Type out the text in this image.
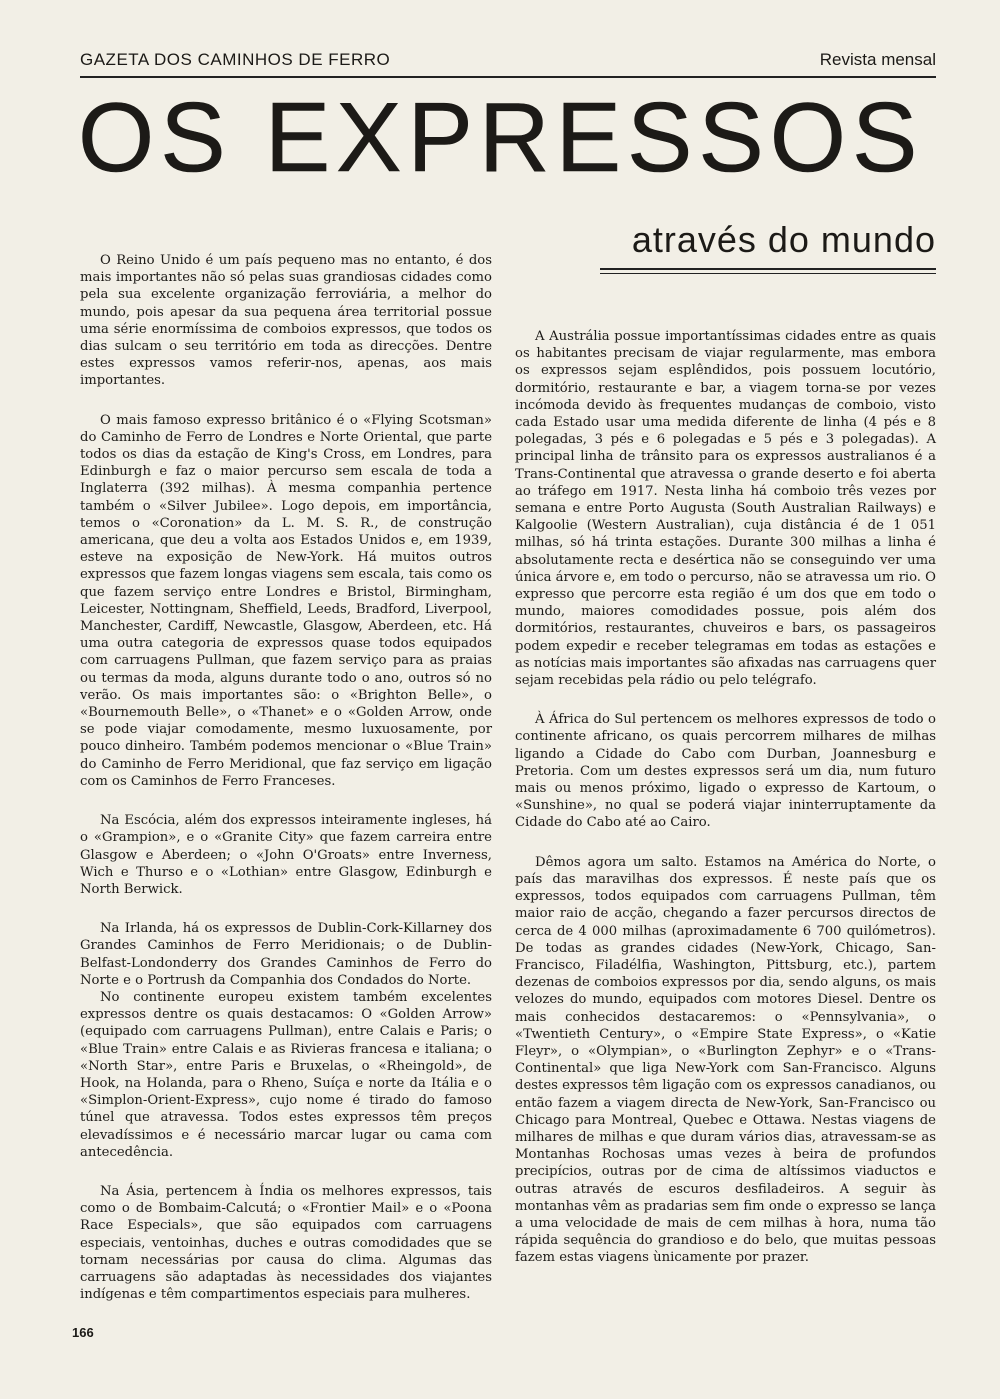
GAZETA DOS CAMINHOS DE FERRO	Revista mensal
OS EXPRESSOS
através do mundo

O Reino Unido é um país pequeno mas no entanto, é dos mais importantes não só pelas suas grandiosas cidades como pela sua excelente organização ferroviária, a melhor do mundo, pois apesar da sua pequena área territorial possue uma série enormíssima de comboios expressos, que todos os dias sulcam o seu território em toda as direcções. Dentre estes expressos vamos referir-nos, apenas, aos mais importantes.

O mais famoso expresso britânico é o «Flying Scotsman» do Caminho de Ferro de Londres e Norte Oriental, que parte todos os dias da estação de King's Cross, em Londres, para Edinburgh e faz o maior percurso sem escala de toda a Inglaterra (392 milhas). À mesma companhia pertence também o «Silver Jubilee». Logo depois, em importância, temos o «Coronation» da L. M. S. R., de construção americana, que deu a volta aos Estados Unidos e, em 1939, esteve na exposição de New-York. Há muitos outros expressos que fazem longas viagens sem escala, tais como os que fazem serviço entre Londres e Bristol, Birmingham, Leicester, Nottingnam, Sheffield, Leeds, Bradford, Liverpool, Manchester, Cardiff, Newcastle, Glasgow, Aberdeen, etc. Há uma outra categoria de expressos quase todos equipados com carruagens Pullman, que fazem serviço para as praias ou termas da moda, alguns durante todo o ano, outros só no verão. Os mais importantes são: o «Brighton Belle», o «Bournemouth Belle», o «Thanet» e o «Golden Arrow, onde se pode viajar comodamente, mesmo luxuosamente, por pouco dinheiro. Também podemos mencionar o «Blue Train» do Caminho de Ferro Meridional, que faz serviço em ligação com os Caminhos de Ferro Franceses.

Na Escócia, além dos expressos inteiramente ingleses, há o «Grampion», e o «Granite City» que fazem carreira entre Glasgow e Aberdeen; o «John O'Groats» entre Inverness, Wich e Thurso e o «Lothian» entre Glasgow, Edinburgh e North Berwick.

Na Irlanda, há os expressos de Dublin-Cork-Killarney dos Grandes Caminhos de Ferro Meridionais; o de Dublin-Belfast-Londonderry dos Grandes Caminhos de Ferro do Norte e o Portrush da Companhia dos Condados do Norte.

No continente europeu existem também excelentes expressos dentre os quais destacamos: O «Golden Arrow» (equipado com carruagens Pullman), entre Calais e Paris; o «Blue Train» entre Calais e as Rivieras francesa e italiana; o «North Star», entre Paris e Bruxelas, o «Rheingold», de Hook, na Holanda, para o Rheno, Suíça e norte da Itália e o «Simplon-Orient-Express», cujo nome é tirado do famoso túnel que atravessa. Todos estes expressos têm preços elevadíssimos e é necessário marcar lugar ou cama com antecedência.

Na Ásia, pertencem à Índia os melhores expressos, tais como o de Bombaim-Calcutá; o «Frontier Mail» e o «Poona Race Especials», que são equipados com carruagens especiais, ventoinhas, duches e outras comodidades que se tornam necessárias por causa do clima. Algumas das carruagens são adaptadas às necessidades dos viajantes indígenas e têm compartimentos especiais para mulheres.

A Austrália possue importantíssimas cidades entre as quais os habitantes precisam de viajar regularmente, mas embora os expressos sejam esplêndidos, pois possuem locutório, dormitório, restaurante e bar, a viagem torna-se por vezes incómoda devido às frequentes mudanças de comboio, visto cada Estado usar uma medida diferente de linha (4 pés e 8 polegadas, 3 pés e 6 polegadas e 5 pés e 3 polegadas). A principal linha de trânsito para os expressos australianos é a Trans-Continental que atravessa o grande deserto e foi aberta ao tráfego em 1917. Nesta linha há comboio três vezes por semana e entre Porto Augusta (South Australian Railways) e Kalgoolie (Western Australian), cuja distância é de 1 051 milhas, só há trinta estações. Durante 300 milhas a linha é absolutamente recta e desértica não se conseguindo ver uma única árvore e, em todo o percurso, não se atravessa um rio. O expresso que percorre esta região é um dos que em todo o mundo, maiores comodidades possue, pois além dos dormitórios, restaurantes, chuveiros e bars, os passageiros podem expedir e receber telegramas em todas as estações e as notícias mais importantes são afixadas nas carruagens quer sejam recebidas pela rádio ou pelo telégrafo.

À África do Sul pertencem os melhores expressos de todo o continente africano, os quais percorrem milhares de milhas ligando a Cidade do Cabo com Durban, Joannesburg e Pretoria. Com um destes expressos será um dia, num futuro mais ou menos próximo, ligado o expresso de Kartoum, o «Sunshine», no qual se poderá viajar ininterruptamente da Cidade do Cabo até ao Cairo.

Dêmos agora um salto. Estamos na América do Norte, o país das maravilhas dos expressos. É neste país que os expressos, todos equipados com carruagens Pullman, têm maior raio de acção, chegando a fazer percursos directos de cerca de 4 000 milhas (aproximadamente 6 700 quilómetros). De todas as grandes cidades (New-York, Chicago, San-Francisco, Filadélfia, Washington, Pittsburg, etc.), partem dezenas de comboios expressos por dia, sendo alguns, os mais velozes do mundo, equipados com motores Diesel. Dentre os mais conhecidos destacaremos: o «Pennsylvania», o «Twentieth Century», o «Empire State Express», o «Katie Fleyr», o «Olympian», o «Burlington Zephyr» e o «Trans-Continental» que liga New-York com San-Francisco. Alguns destes expressos têm ligação com os expressos canadianos, ou então fazem a viagem directa de New-York, San-Francisco ou Chicago para Montreal, Quebec e Ottawa. Nestas viagens de milhares de milhas e que duram vários dias, atravessam-se as Montanhas Rochosas umas vezes à beira de profundos precipícios, outras por de cima de altíssimos viaductos e outras através de escuros desfiladeiros. A seguir às montanhas vêm as pradarias sem fim onde o expresso se lança a uma velocidade de mais de cem milhas à hora, numa tão rápida sequência do grandioso e do belo, que muitas pessoas fazem estas viagens ùnicamente por prazer.

166
